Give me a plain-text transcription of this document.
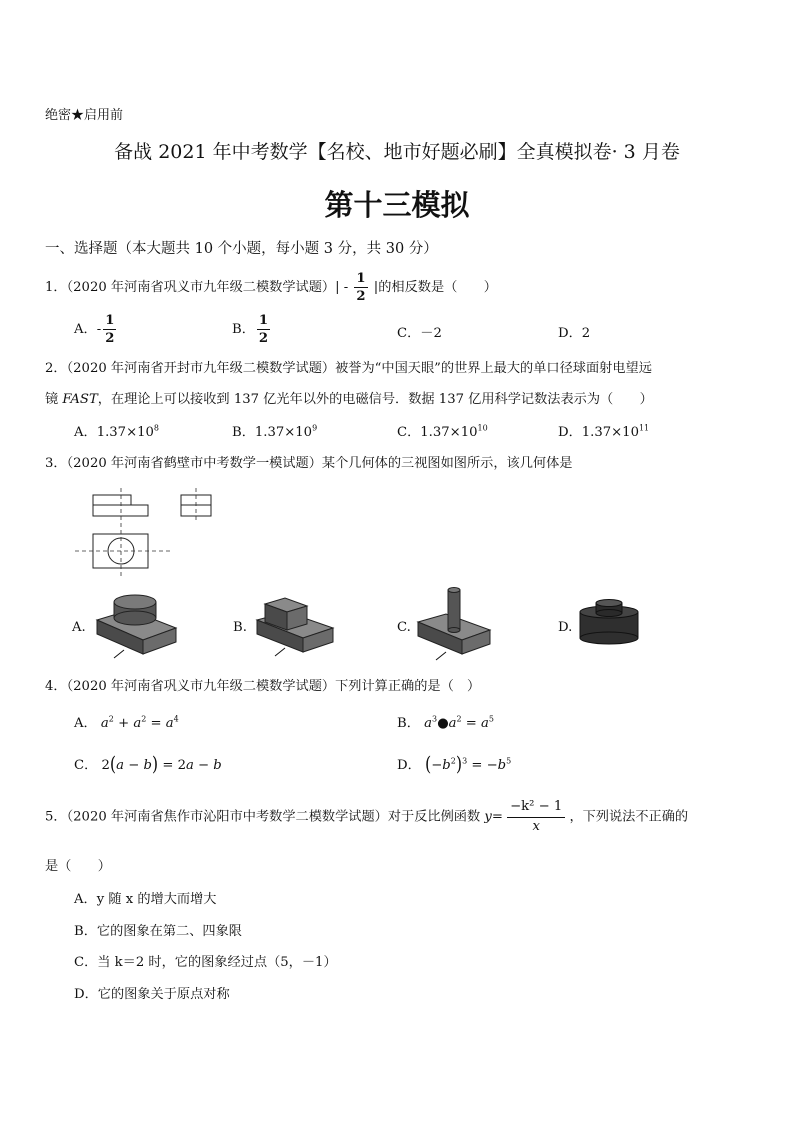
绝密★启用前
备战 2021 年中考数学【名校、地市好题必刷】全真模拟卷· 3 月卷
第十三模拟
一、选择题（本大题共 10 个小题，每小题 3 分，共 30 分）
1．（2020 年河南省巩义市九年级二模数学试题）| - $\frac{1}{2}$ |的相反数是（　　）
A．- $\frac{1}{2}$	B． $\frac{1}{2}$	C．－2	D．2
2．（2020 年河南省开封市九年级二模数学试题）被誉为“中国天眼”的世界上最大的单口径球面射电望远
镜 FAST，在理论上可以接收到 137 亿光年以外的电磁信号．数据 137 亿用科学记数法表示为（　　）
A．$1.37\times 10^8$	B．$1.37\times 10^9$	C．$1.37\times 10^{10}$	D．$1.37\times 10^{11}$
3．（2020 年河南省鹤壁市中考数学一模试题）某个几何体的三视图如图所示，该几何体是
A.	B.	C.	D.
4．（2020 年河南省巩义市九年级二模数学试题）下列计算正确的是（　）
A． $a^2 + a^2 = a^4$	B． $a^3●a^2 = a^5$
C． 2(a − b) = 2a − b	D． $(-b^2)^3 = -b^5$
5．（2020 年河南省焦作市沁阳市中考数学二模数学试题）对于反比例函数 $y= \frac{\text{−k² − 1}}{x}$ ，下列说法不正确的
是（　　）
A．y 随 x 的增大而增大
B．它的图象在第二、四象限
C．当 k＝2 时，它的图象经过点（5，－1）
D．它的图象关于原点对称
